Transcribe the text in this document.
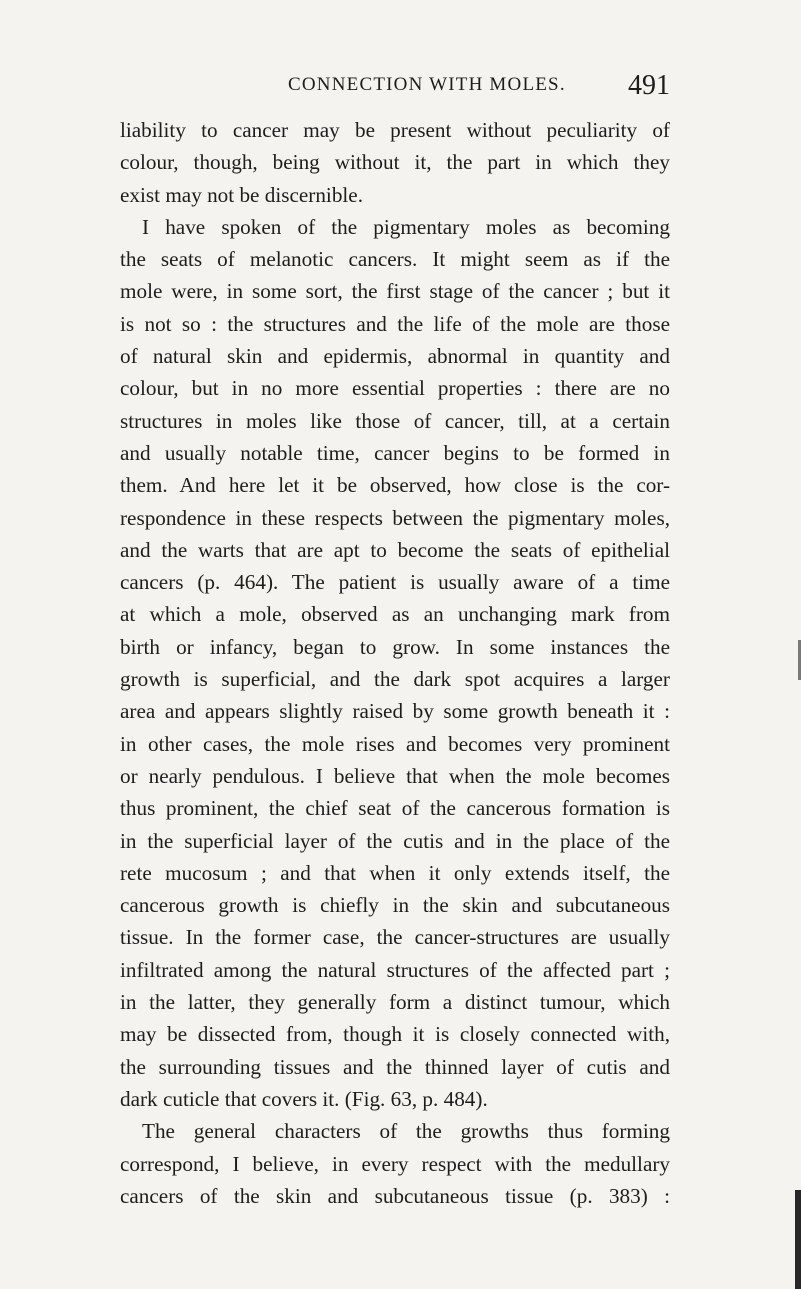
CONNECTION WITH MOLES. 491
liability to cancer may be present without peculiarity of
colour, though, being without it, the part in which they
exist may not be discernible.
I have spoken of the pigmentary moles as becoming
the seats of melanotic cancers. It might seem as if the
mole were, in some sort, the first stage of the cancer ; but it
is not so : the structures and the life of the mole are those
of natural skin and epidermis, abnormal in quantity and
colour, but in no more essential properties : there are no
structures in moles like those of cancer, till, at a certain
and usually notable time, cancer begins to be formed in
them. And here let it be observed, how close is the cor-
respondence in these respects between the pigmentary moles,
and the warts that are apt to become the seats of epithelial
cancers (p. 464). The patient is usually aware of a time
at which a mole, observed as an unchanging mark from
birth or infancy, began to grow. In some instances the
growth is superficial, and the dark spot acquires a larger
area and appears slightly raised by some growth beneath it :
in other cases, the mole rises and becomes very prominent
or nearly pendulous. I believe that when the mole becomes
thus prominent, the chief seat of the cancerous formation is
in the superficial layer of the cutis and in the place of the
rete mucosum ; and that when it only extends itself, the
cancerous growth is chiefly in the skin and subcutaneous
tissue. In the former case, the cancer-structures are usually
infiltrated among the natural structures of the affected part ;
in the latter, they generally form a distinct tumour, which
may be dissected from, though it is closely connected with,
the surrounding tissues and the thinned layer of cutis and
dark cuticle that covers it. (Fig. 63, p. 484).
The general characters of the growths thus forming
correspond, I believe, in every respect with the medullary
cancers of the skin and subcutaneous tissue (p. 383) :
